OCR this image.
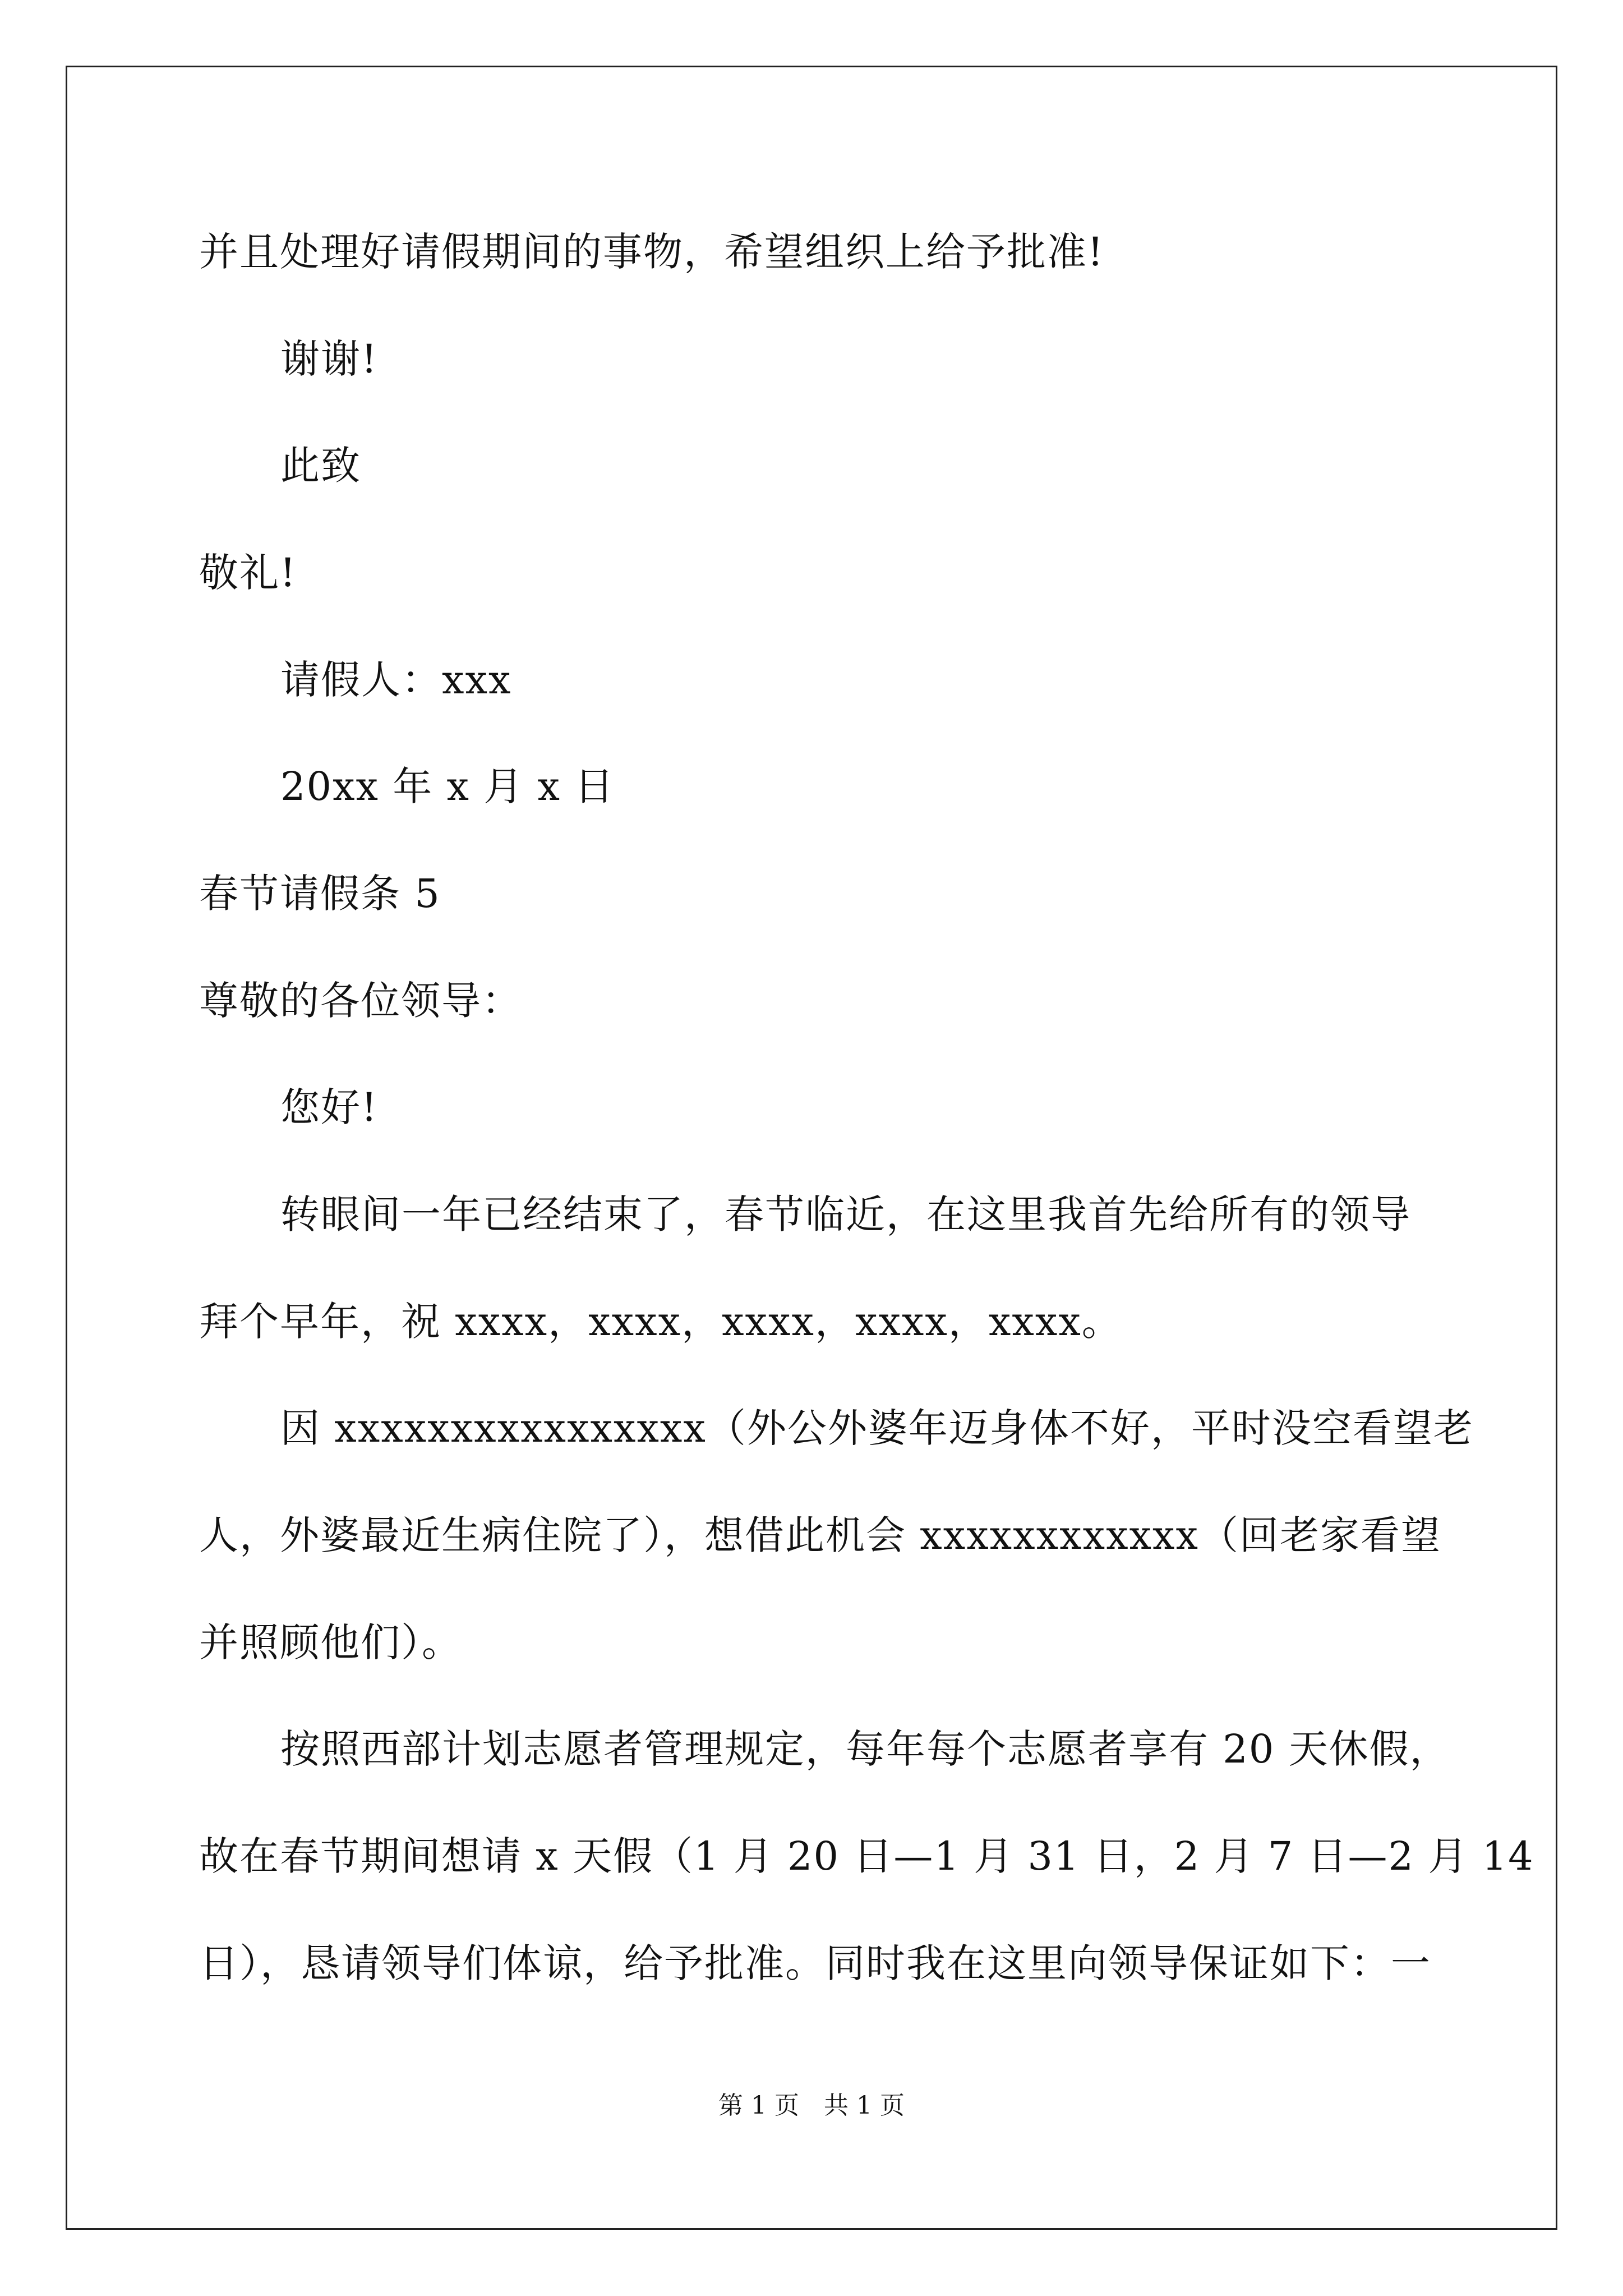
并且处理好请假期间的事物，希望组织上给予批准!
谢谢!
此致
敬礼!
请假人：xxx
20xx 年 x 月 x 日
春节请假条 5
尊敬的各位领导：
您好!
转眼间一年已经结束了，春节临近，在这里我首先给所有的领导
拜个早年，祝 xxxx，xxxx，xxxx，xxxx，xxxx。
因 xxxxxxxxxxxxxxxx（外公外婆年迈身体不好，平时没空看望老
人，外婆最近生病住院了），想借此机会 xxxxxxxxxxxx（回老家看望
并照顾他们）。
按照西部计划志愿者管理规定，每年每个志愿者享有 20 天休假，
故在春节期间想请 x 天假（1 月 20 日—1 月 31 日，2 月 7 日—2 月 14
日），恳请领导们体谅，给予批准。同时我在这里向领导保证如下：一
第 1 页　共 1 页
